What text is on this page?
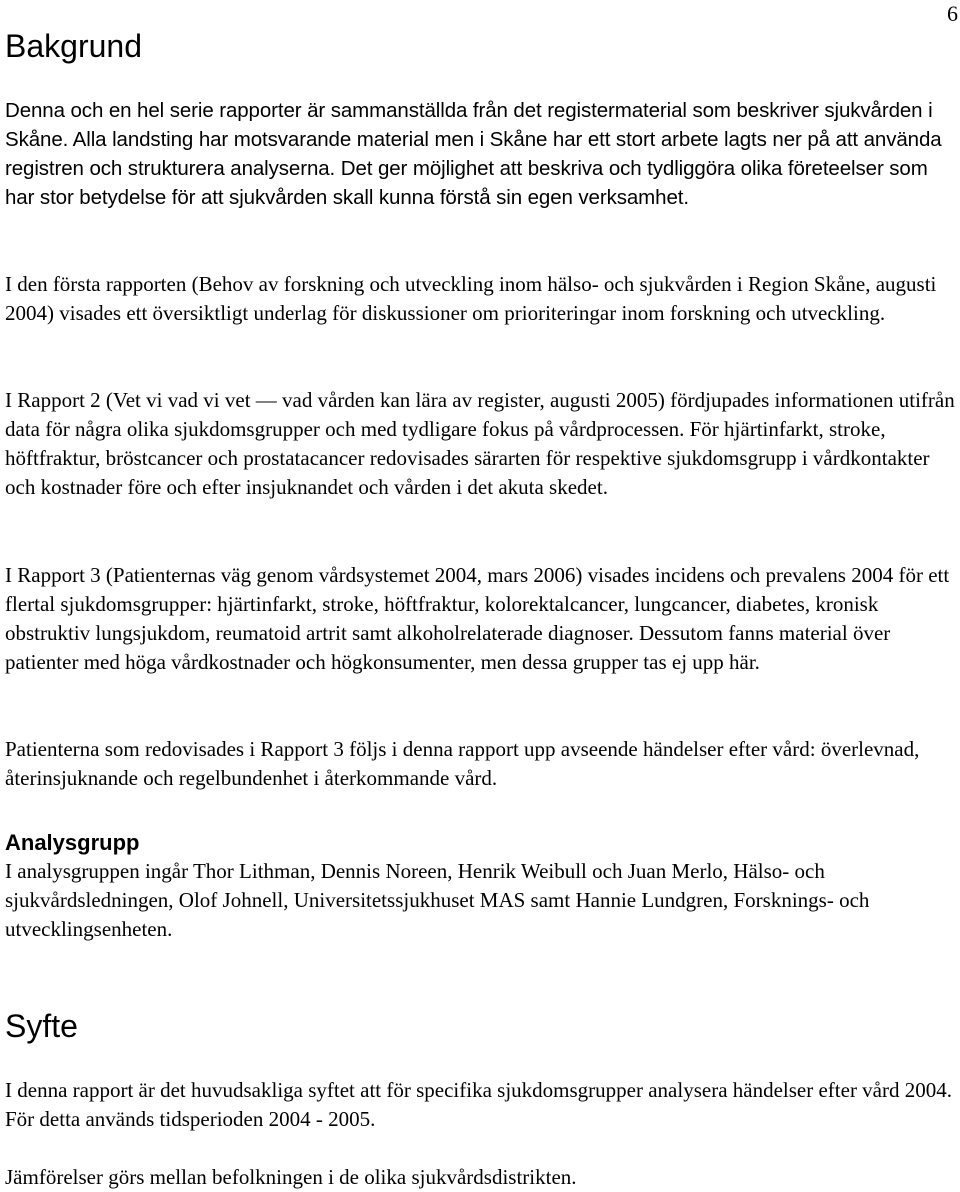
6
Bakgrund

Denna och en hel serie rapporter är sammanställda från det registermaterial som beskriver sjukvården i Skåne. Alla landsting har motsvarande material men i Skåne har ett stort arbete lagts ner på att använda registren och strukturera analyserna. Det ger möjlighet att beskriva och tydliggöra olika företeelser som har stor betydelse för att sjukvården skall kunna förstå sin egen verksamhet.

I den första rapporten (Behov av forskning och utveckling inom hälso- och sjukvården i Region Skåne, augusti 2004) visades ett översiktligt underlag för diskussioner om prioriteringar inom forskning och utveckling.

I Rapport 2 (Vet vi vad vi vet — vad vården kan lära av register, augusti 2005) fördjupades informationen utifrån data för några olika sjukdomsgrupper och med tydligare fokus på vårdprocessen. För hjärtinfarkt, stroke, höftfraktur, bröstcancer och prostatacancer redovisades särarten för respektive sjukdomsgrupp i vårdkontakter och kostnader före och efter insjuknandet och vården i det akuta skedet.

I Rapport 3 (Patienternas väg genom vårdsystemet 2004, mars 2006) visades incidens och prevalens 2004 för ett flertal sjukdomsgrupper: hjärtinfarkt, stroke, höftfraktur, kolorektalcancer, lungcancer, diabetes, kronisk obstruktiv lungsjukdom, reumatoid artrit samt alkoholrelaterade diagnoser. Dessutom fanns material över patienter med höga vårdkostnader och högkonsumenter, men dessa grupper tas ej upp här.

Patienterna som redovisades i Rapport 3 följs i denna rapport upp avseende händelser efter vård: överlevnad, återinsjuknande och regelbundenhet i återkommande vård.

Analysgrupp

I analysgruppen ingår Thor Lithman, Dennis Noreen, Henrik Weibull och Juan Merlo, Hälso- och sjukvårdsledningen, Olof Johnell, Universitetssjukhuset MAS samt Hannie Lundgren, Forsknings- och utvecklingsenheten.

Syfte

I denna rapport är det huvudsakliga syftet att för specifika sjukdomsgrupper analysera händelser efter vård 2004. För detta används tidsperioden 2004 - 2005.

Jämförelser görs mellan befolkningen i de olika sjukvårdsdistrikten.
